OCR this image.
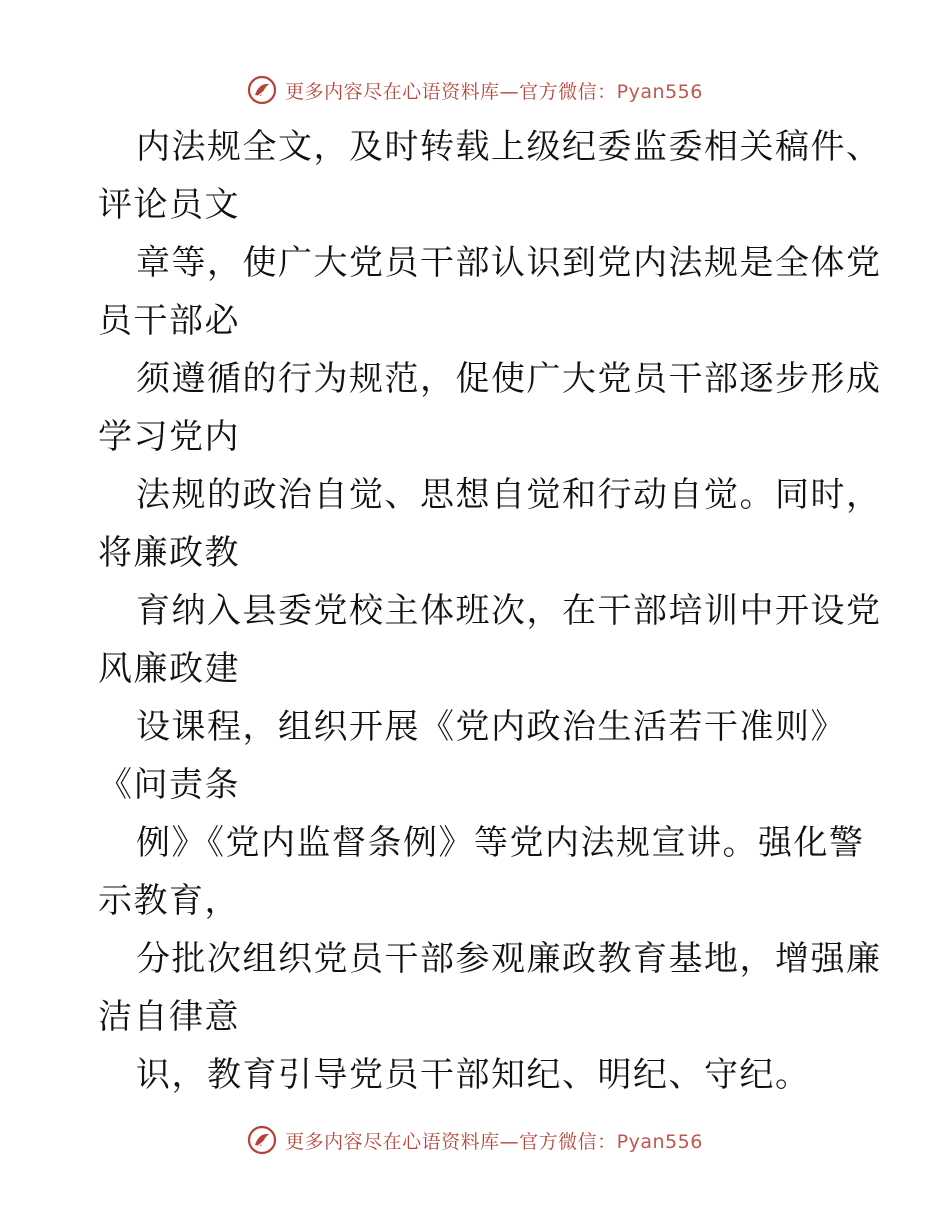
更多内容尽在心语资料库—官方微信：Pyan556
内法规全文，及时转载上级纪委监委相关稿件、
评论员文
章等，使广大党员干部认识到党内法规是全体党
员干部必
须遵循的行为规范，促使广大党员干部逐步形成
学习党内
法规的政治自觉、思想自觉和行动自觉。同时，
将廉政教
育纳入县委党校主体班次，在干部培训中开设党
风廉政建
设课程，组织开展《党内政治生活若干准则》
《问责条
例》《党内监督条例》等党内法规宣讲。强化警
示教育，
分批次组织党员干部参观廉政教育基地，增强廉
洁自律意
识，教育引导党员干部知纪、明纪、守纪。
更多内容尽在心语资料库—官方微信：Pyan556
